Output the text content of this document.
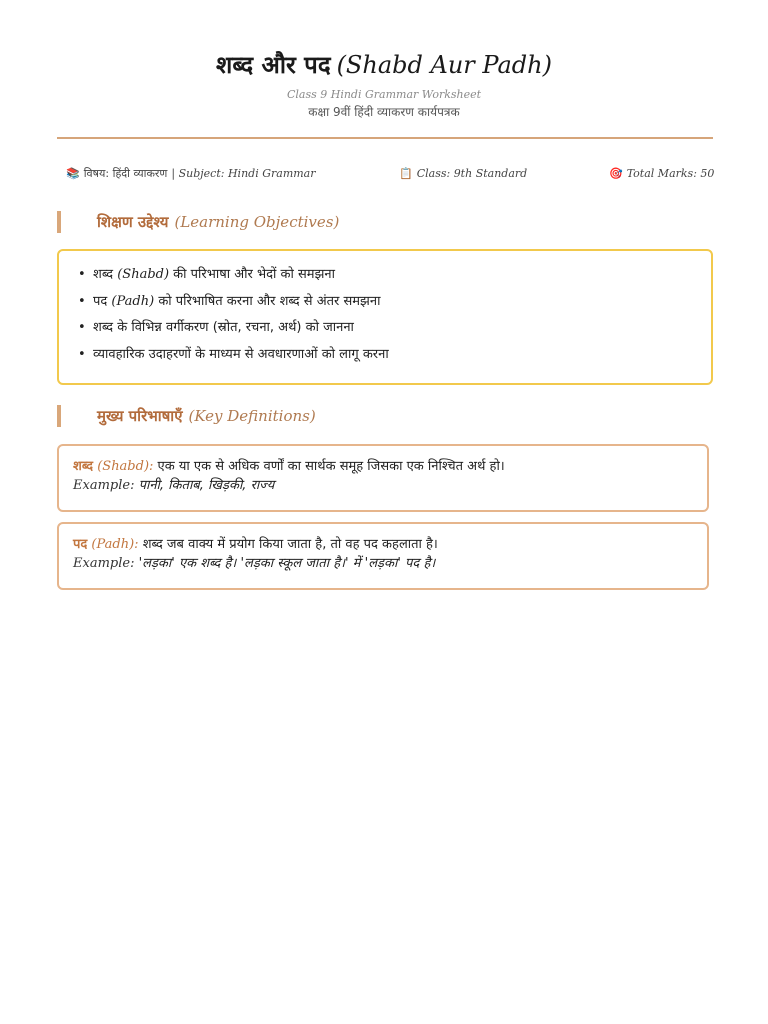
शब्द और पद (Shabd Aur Padh)
Class 9 Hindi Grammar Worksheet
कक्षा 9वीं हिंदी व्याकरण कार्यपत्रक
📚 विषय: हिंदी व्याकरण | Subject: Hindi Grammar	📋 Class: 9th Standard	🎯 Total Marks: 50
शिक्षण उद्देश्य (Learning Objectives)
• शब्द (Shabd) की परिभाषा और भेदों को समझना
• पद (Padh) को परिभाषित करना और शब्द से अंतर समझना
• शब्द के विभिन्न वर्गीकरण (स्रोत, रचना, अर्थ) को जानना
• व्यावहारिक उदाहरणों के माध्यम से अवधारणाओं को लागू करना
मुख्य परिभाषाएँ (Key Definitions)
शब्द (Shabd): एक या एक से अधिक वर्णों का सार्थक समूह जिसका एक निश्चित अर्थ हो।
Example: पानी, किताब, खिड़की, राज्य
पद (Padh): शब्द जब वाक्य में प्रयोग किया जाता है, तो वह पद कहलाता है।
Example: 'लड़का' एक शब्द है। 'लड़का स्कूल जाता है।' में 'लड़का' पद है।
